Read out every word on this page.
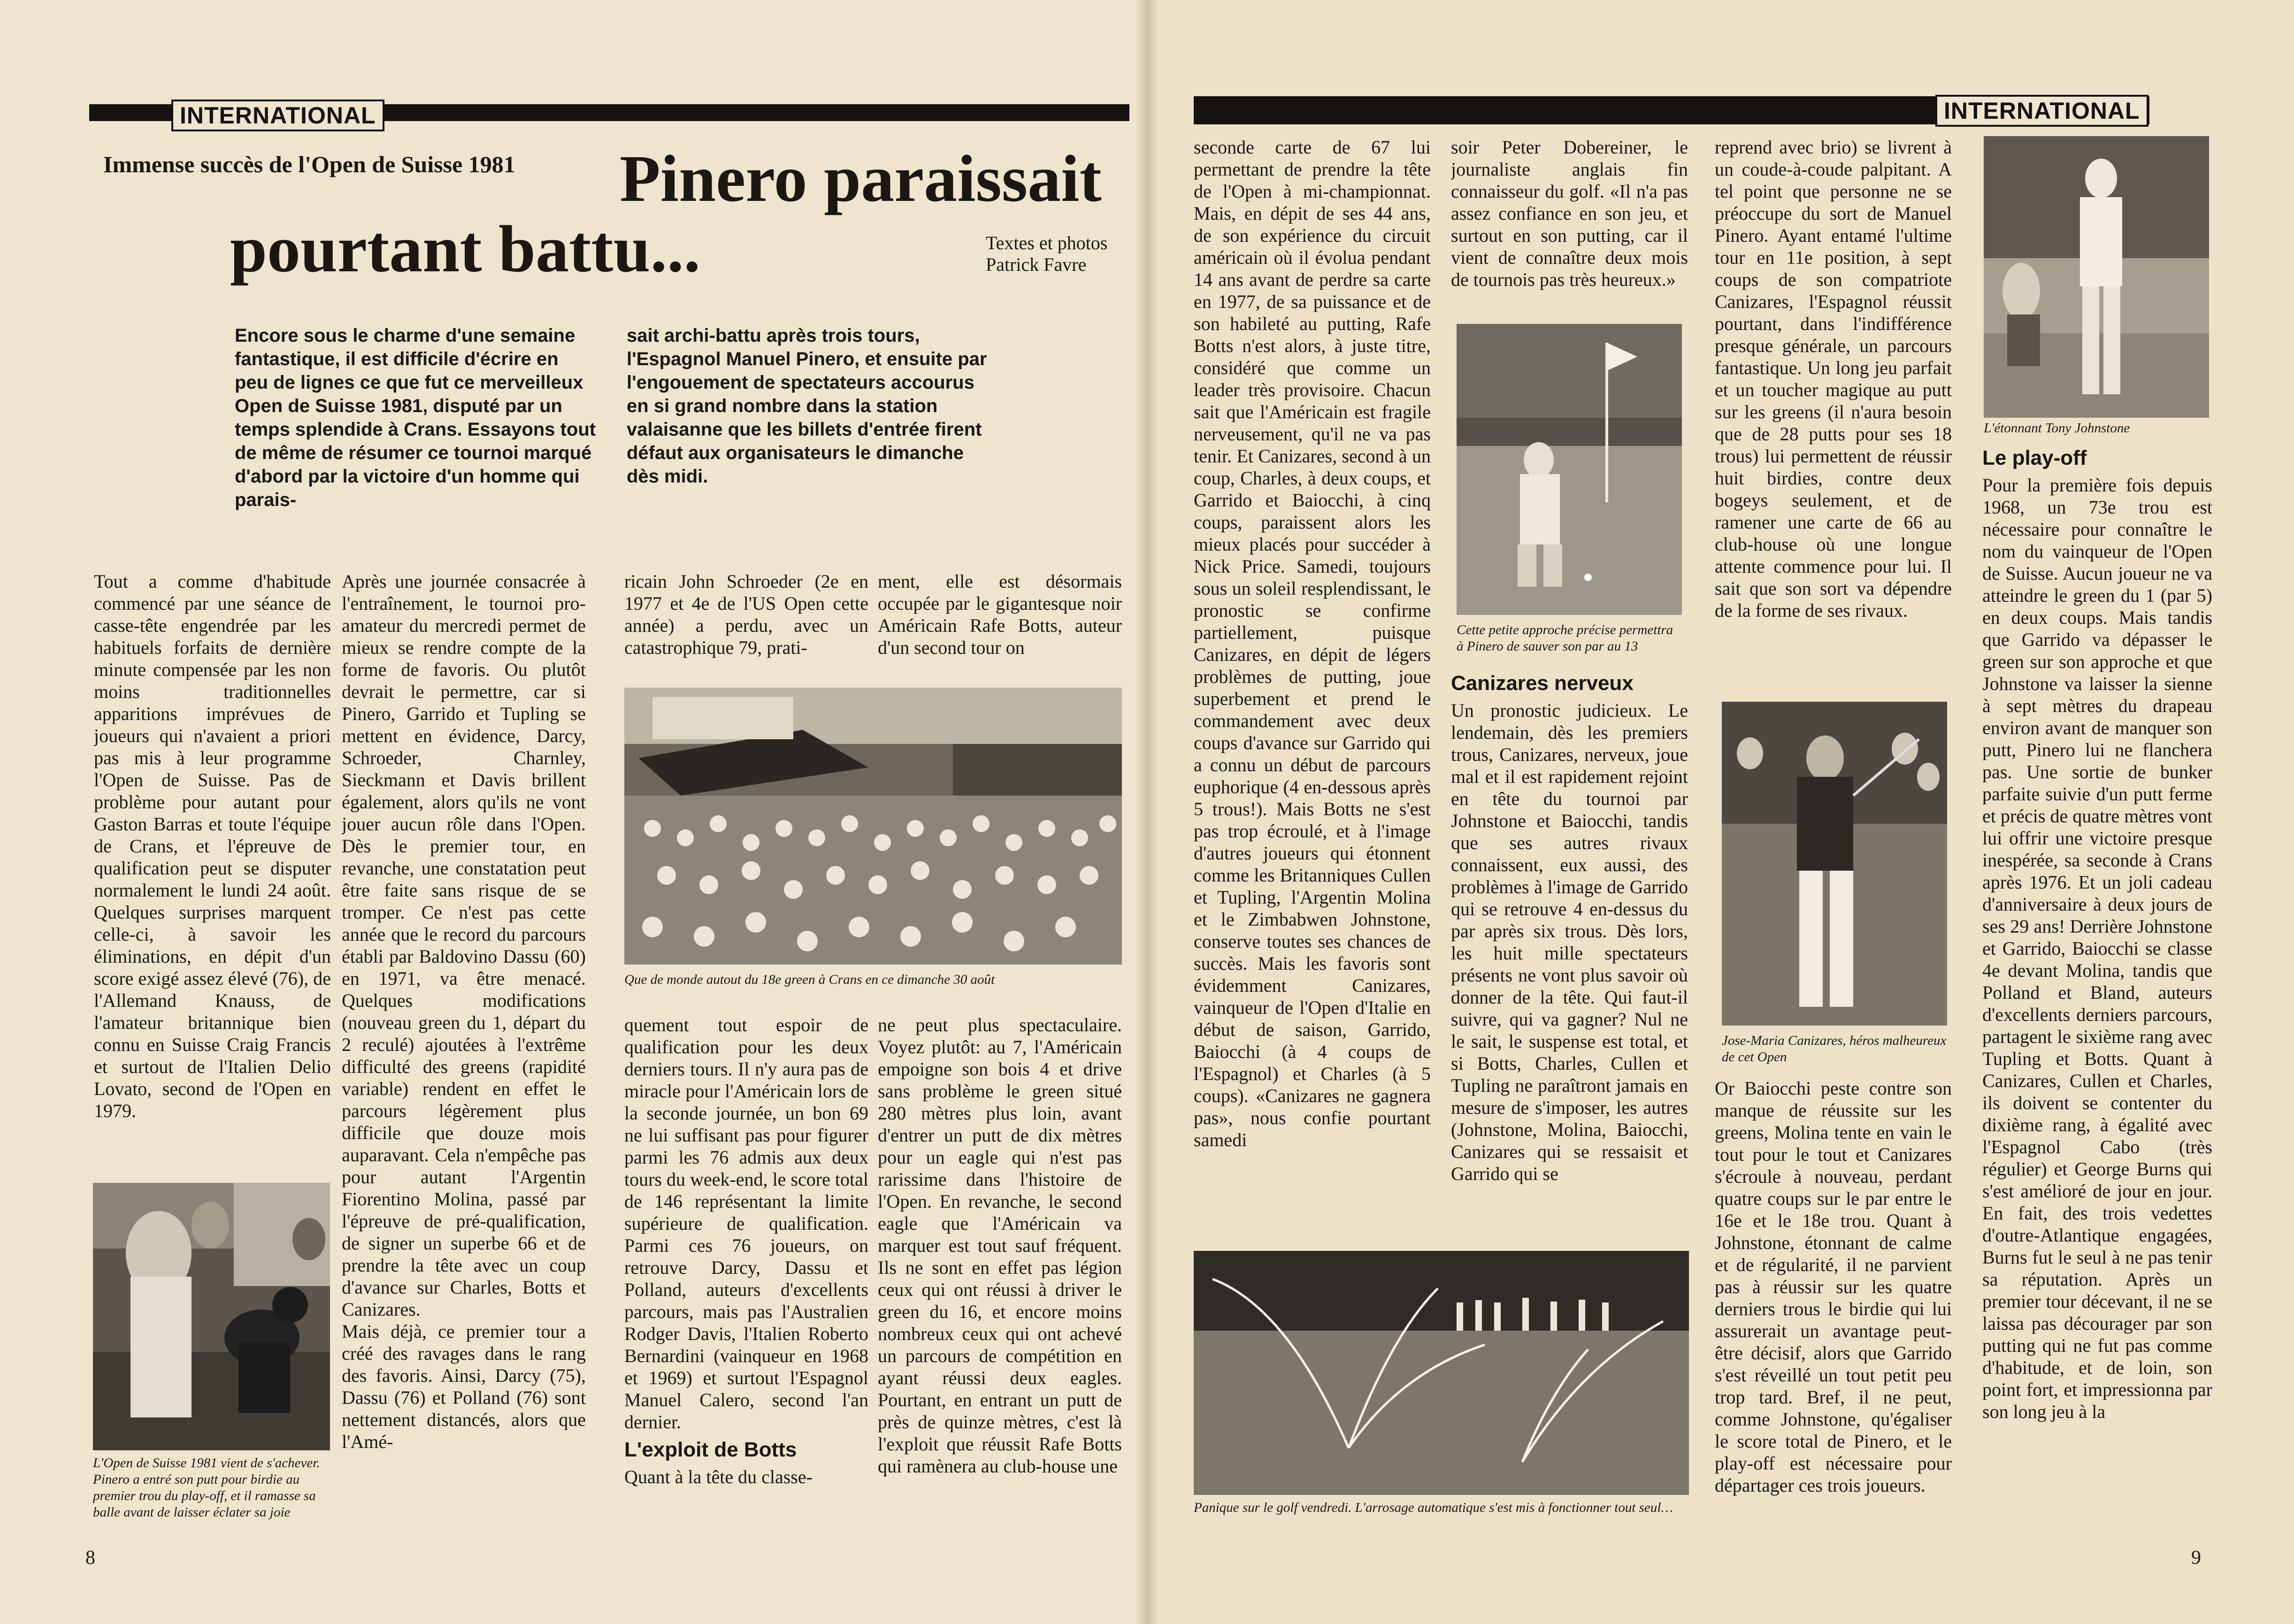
INTERNATIONAL
Immense succès de l'Open de Suisse 1981	Pinero paraissait
pourtant battu...	Textes et photos
Patrick Favre
Encore sous le charme d'une semaine fantastique, il est difficile d'écrire en peu de lignes ce que fut ce merveilleux Open de Suisse 1981, disputé par un temps splendide à Crans. Essayons tout de même de résumer ce tournoi marqué d'abord par la victoire d'un homme qui parais-
sait archi-battu après trois tours, l'Espagnol Manuel Pinero, et ensuite par l'engouement de spectateurs accourus en si grand nombre dans la station valaisanne que les billets d'entrée firent défaut aux organisateurs le dimanche dès midi.

Tout a comme d'habitude commencé par une séance de casse-tête engendrée par les habituels forfaits de dernière minute compensée par les non moins traditionnelles apparitions imprévues de joueurs qui n'avaient a priori pas mis à leur programme l'Open de Suisse. Pas de problème pour autant pour Gaston Barras et toute l'équipe de Crans, et l'épreuve de qualification peut se disputer normalement le lundi 24 août. Quelques surprises marquent celle-ci, à savoir les éliminations, en dépit d'un score exigé assez élevé (76), de l'Allemand Knauss, de l'amateur britannique bien connu en Suisse Craig Francis et surtout de l'Italien Delio Lovato, second de l'Open en 1979.

L'Open de Suisse 1981 vient de s'achever. Pinero a entré son putt pour birdie au premier trou du play-off, et il ramasse sa balle avant de laisser éclater sa joie

Après une journée consacrée à l'entraînement, le tournoi pro-amateur du mercredi permet de mieux se rendre compte de la forme de favoris. Ou plutôt devrait le permettre, car si Pinero, Garrido et Tupling se mettent en évidence, Darcy, Schroeder, Charnley, Sieckmann et Davis brillent également, alors qu'ils ne vont jouer aucun rôle dans l'Open. Dès le premier tour, en revanche, une constatation peut être faite sans risque de se tromper. Ce n'est pas cette année que le record du parcours établi par Baldovino Dassu (60) en 1971, va être menacé. Quelques modifications (nouveau green du 1, départ du 2 reculé) ajoutées à l'extrême difficulté des greens (rapidité variable) rendent en effet le parcours légèrement plus difficile que douze mois auparavant. Cela n'empêche pas pour autant l'Argentin Fiorentino Molina, passé par l'épreuve de pré-qualification, de signer un superbe 66 et de prendre la tête avec un coup d'avance sur Charles, Botts et Canizares.

Mais déjà, ce premier tour a créé des ravages dans le rang des favoris. Ainsi, Darcy (75), Dassu (76) et Polland (76) sont nettement distancés, alors que l'Amé-

ricain John Schroeder (2e en 1977 et 4e de l'US Open cette année) a perdu, avec un catastrophique 79, prati-

ment, elle est désormais occupée par le gigantesque noir Américain Rafe Botts, auteur d'un second tour on

Que de monde autout du 18e green à Crans en ce dimanche 30 août

quement tout espoir de qualification pour les deux derniers tours. Il n'y aura pas de miracle pour l'Américain lors de la seconde journée, un bon 69 ne lui suffisant pas pour figurer parmi les 76 admis aux deux tours du week-end, le score total de 146 représentant la limite supérieure de qualification. Parmi ces 76 joueurs, on retrouve Darcy, Dassu et Polland, auteurs d'excellents parcours, mais pas l'Australien Rodger Davis, l'Italien Roberto Bernardini (vainqueur en 1968 et 1969) et surtout l'Espagnol Manuel Calero, second l'an dernier.

L'exploit de Botts

Quant à la tête du classe-

ne peut plus spectaculaire. Voyez plutôt: au 7, l'Américain empoigne son bois 4 et drive sans problème le green situé 280 mètres plus loin, avant d'entrer un putt de dix mètres pour un eagle qui n'est pas rarissime dans l'histoire de l'Open. En revanche, le second eagle que l'Américain va marquer est tout sauf fréquent. Ils ne sont en effet pas légion ceux qui ont réussi à driver le green du 16, et encore moins nombreux ceux qui ont achevé un parcours de compétition en ayant réussi deux eagles. Pourtant, en entrant un putt de près de quinze mètres, c'est là l'exploit que réussit Rafe Botts qui ramènera au club-house une

8
INTERNATIONAL

seconde carte de 67 lui permettant de prendre la tête de l'Open à mi-championnat. Mais, en dépit de ses 44 ans, de son expérience du circuit américain où il évolua pendant 14 ans avant de perdre sa carte en 1977, de sa puissance et de son habileté au putting, Rafe Botts n'est alors, à juste titre, considéré que comme un leader très provisoire. Chacun sait que l'Américain est fragile nerveusement, qu'il ne va pas tenir. Et Canizares, second à un coup, Charles, à deux coups, et Garrido et Baiocchi, à cinq coups, paraissent alors les mieux placés pour succéder à Nick Price. Samedi, toujours sous un soleil resplendissant, le pronostic se confirme partiellement, puisque Canizares, en dépit de légers problèmes de putting, joue superbement et prend le commandement avec deux coups d'avance sur Garrido qui a connu un début de parcours euphorique (4 en-dessous après 5 trous!). Mais Botts ne s'est pas trop écroulé, et à l'image d'autres joueurs qui étonnent comme les Britanniques Cullen et Tupling, l'Argentin Molina et le Zimbabwen Johnstone, conserve toutes ses chances de succès. Mais les favoris sont évidemment Canizares, vainqueur de l'Open d'Italie en début de saison, Garrido, Baiocchi (à 4 coups de l'Espagnol) et Charles (à 5 coups). «Canizares ne gagnera pas», nous confie pourtant samedi

soir Peter Dobereiner, le journaliste anglais fin connaisseur du golf. «Il n'a pas assez confiance en son jeu, et surtout en son putting, car il vient de connaître deux mois de tournois pas très heureux.»

Cette petite approche précise permettra à Pinero de sauver son par au 13
Canizares nerveux

Un pronostic judicieux. Le lendemain, dès les premiers trous, Canizares, nerveux, joue mal et il est rapidement rejoint en tête du tournoi par Johnstone et Baiocchi, tandis que ses autres rivaux connaissent, eux aussi, des problèmes à l'image de Garrido qui se retrouve 4 en-dessus du par après six trous. Dès lors, les huit mille spectateurs présents ne vont plus savoir où donner de la tête. Qui faut-il suivre, qui va gagner? Nul ne le sait, le suspense est total, et si Botts, Charles, Cullen et Tupling ne paraîtront jamais en mesure de s'imposer, les autres (Johnstone, Molina, Baiocchi, Canizares qui se ressaisit et Garrido qui se

reprend avec brio) se livrent à un coude-à-coude palpitant. A tel point que personne ne se préoccupe du sort de Manuel Pinero. Ayant entamé l'ultime tour en 11e position, à sept coups de son compatriote Canizares, l'Espagnol réussit pourtant, dans l'indifférence presque générale, un parcours fantastique. Un long jeu parfait et un toucher magique au putt sur les greens (il n'aura besoin que de 28 putts pour ses 18 trous) lui permettent de réussir huit birdies, contre deux bogeys seulement, et de ramener une carte de 66 au club-house où une longue attente commence pour lui. Il sait que son sort va dépendre de la forme de ses rivaux.

Jose-Maria Canizares, héros malheureux de cet Open

Or Baiocchi peste contre son manque de réussite sur les greens, Molina tente en vain le tout pour le tout et Canizares s'écroule à nouveau, perdant quatre coups sur le par entre le 16e et le 18e trou. Quant à Johnstone, étonnant de calme et de régularité, il ne parvient pas à réussir sur les quatre derniers trous le birdie qui lui assurerait un avantage peut-être décisif, alors que Garrido s'est réveillé un tout petit peu trop tard. Bref, il ne peut, comme Johnstone, qu'égaliser le score total de Pinero, et le play-off est nécessaire pour départager ces trois joueurs.

L'étonnant Tony Johnstone
Le play-off

Pour la première fois depuis 1968, un 73e trou est nécessaire pour connaître le nom du vainqueur de l'Open de Suisse. Aucun joueur ne va atteindre le green du 1 (par 5) en deux coups. Mais tandis que Garrido va dépasser le green sur son approche et que Johnstone va laisser la sienne à sept mètres du drapeau environ avant de manquer son putt, Pinero lui ne flanchera pas. Une sortie de bunker parfaite suivie d'un putt ferme et précis de quatre mètres vont lui offrir une victoire presque inespérée, sa seconde à Crans après 1976. Et un joli cadeau d'anniversaire à deux jours de ses 29 ans! Derrière Johnstone et Garrido, Baiocchi se classe 4e devant Molina, tandis que Polland et Bland, auteurs d'excellents derniers parcours, partagent le sixième rang avec Tupling et Botts. Quant à Canizares, Cullen et Charles, ils doivent se contenter du dixième rang, à égalité avec l'Espagnol Cabo (très régulier) et George Burns qui s'est amélioré de jour en jour. En fait, des trois vedettes d'outre-Atlantique engagées, Burns fut le seul à ne pas tenir sa réputation. Après un premier tour décevant, il ne se laissa pas décourager par son putting qui ne fut pas comme d'habitude, et de loin, son point fort, et impressionna par son long jeu à la

Panique sur le golf vendredi. L'arrosage automatique s'est mis à fonctionner tout seul…
9
